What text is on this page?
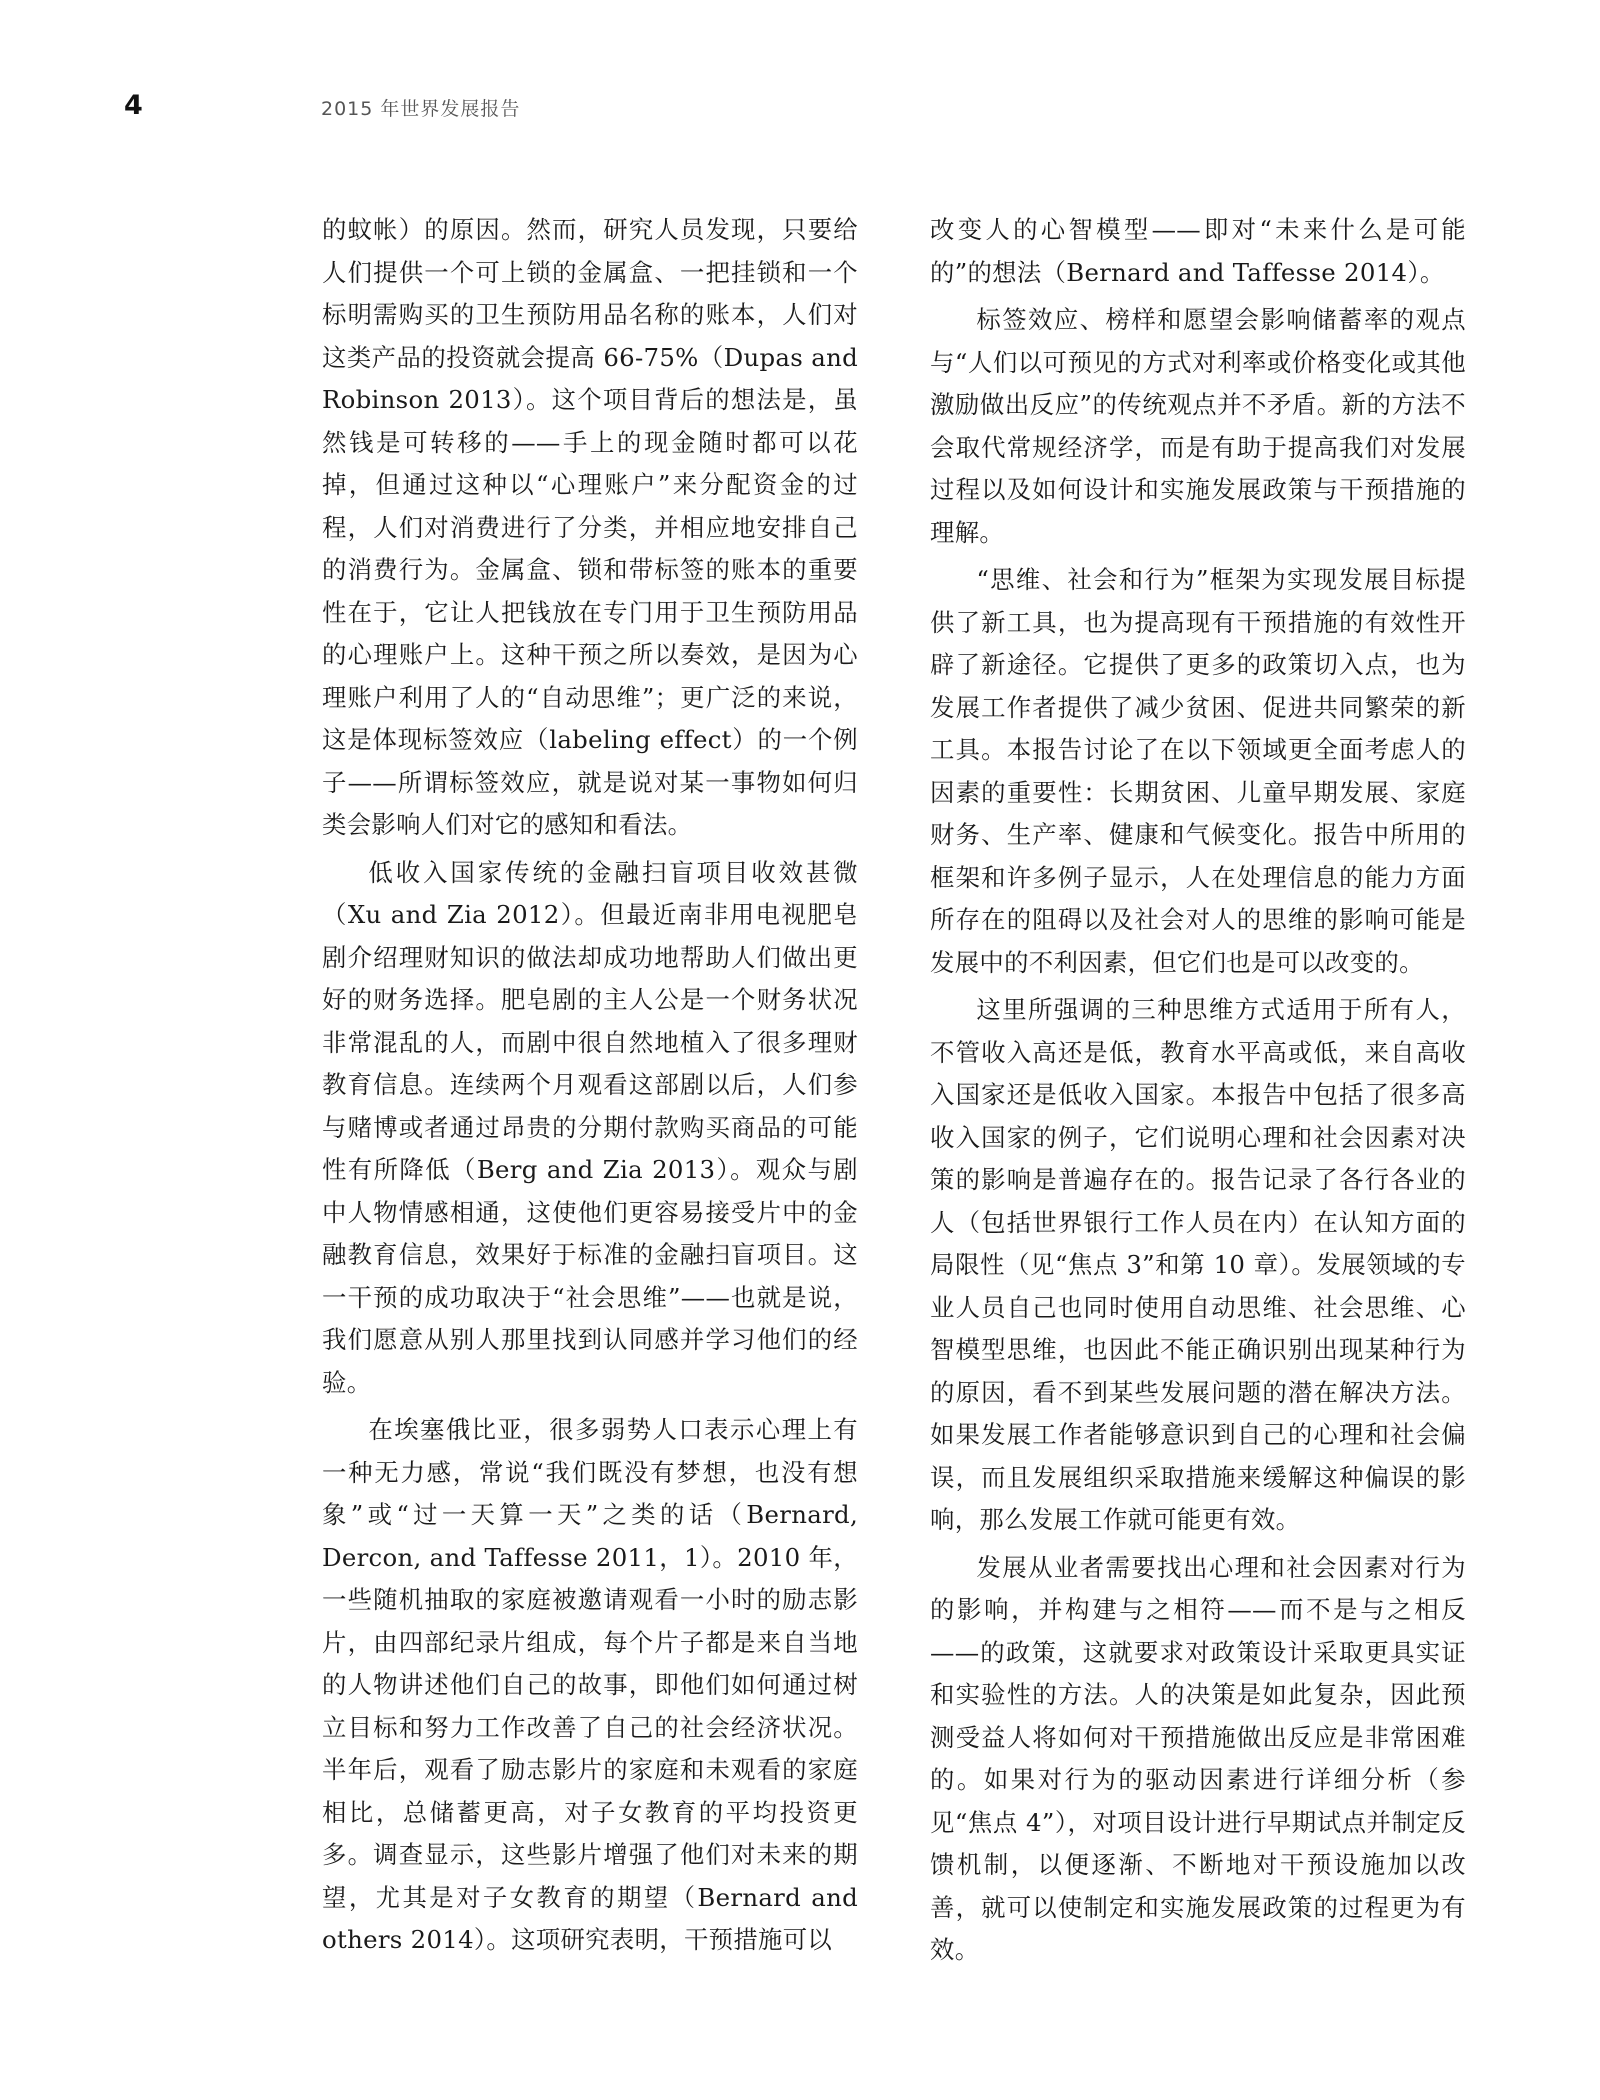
4	2015 年世界发展报告

的蚊帐）的原因。然而，研究人员发现，只要给人们提供一个可上锁的金属盒、一把挂锁和一个标明需购买的卫生预防用品名称的账本，人们对这类产品的投资就会提高 66-75%（Dupas and Robinson 2013）。这个项目背后的想法是，虽然钱是可转移的——手上的现金随时都可以花掉，但通过这种以“心理账户”来分配资金的过程，人们对消费进行了分类，并相应地安排自己的消费行为。金属盒、锁和带标签的账本的重要性在于，它让人把钱放在专门用于卫生预防用品的心理账户上。这种干预之所以奏效，是因为心理账户利用了人的“自动思维”；更广泛的来说，这是体现标签效应（labeling effect）的一个例子——所谓标签效应，就是说对某一事物如何归类会影响人们对它的感知和看法。

低收入国家传统的金融扫盲项目收效甚微（Xu and Zia 2012）。但最近南非用电视肥皂剧介绍理财知识的做法却成功地帮助人们做出更好的财务选择。肥皂剧的主人公是一个财务状况非常混乱的人，而剧中很自然地植入了很多理财教育信息。连续两个月观看这部剧以后，人们参与赌博或者通过昂贵的分期付款购买商品的可能性有所降低（Berg and Zia 2013）。观众与剧中人物情感相通，这使他们更容易接受片中的金融教育信息，效果好于标准的金融扫盲项目。这一干预的成功取决于“社会思维”——也就是说，我们愿意从别人那里找到认同感并学习他们的经验。

在埃塞俄比亚，很多弱势人口表示心理上有一种无力感，常说“我们既没有梦想，也没有想象”或“过一天算一天”之类的话（Bernard, Dercon, and Taffesse 2011，1）。2010 年，一些随机抽取的家庭被邀请观看一小时的励志影片，由四部纪录片组成，每个片子都是来自当地的人物讲述他们自己的故事，即他们如何通过树立目标和努力工作改善了自己的社会经济状况。半年后，观看了励志影片的家庭和未观看的家庭相比，总储蓄更高，对子女教育的平均投资更多。调查显示，这些影片增强了他们对未来的期望，尤其是对子女教育的期望（Bernard and others 2014）。这项研究表明，干预措施可以

改变人的心智模型——即对“未来什么是可能的”的想法（Bernard and Taffesse 2014）。

标签效应、榜样和愿望会影响储蓄率的观点与“人们以可预见的方式对利率或价格变化或其他激励做出反应”的传统观点并不矛盾。新的方法不会取代常规经济学，而是有助于提高我们对发展过程以及如何设计和实施发展政策与干预措施的理解。

“思维、社会和行为”框架为实现发展目标提供了新工具，也为提高现有干预措施的有效性开辟了新途径。它提供了更多的政策切入点，也为发展工作者提供了减少贫困、促进共同繁荣的新工具。本报告讨论了在以下领域更全面考虑人的因素的重要性：长期贫困、儿童早期发展、家庭财务、生产率、健康和气候变化。报告中所用的框架和许多例子显示，人在处理信息的能力方面所存在的阻碍以及社会对人的思维的影响可能是发展中的不利因素，但它们也是可以改变的。

这里所强调的三种思维方式适用于所有人，不管收入高还是低，教育水平高或低，来自高收入国家还是低收入国家。本报告中包括了很多高收入国家的例子，它们说明心理和社会因素对决策的影响是普遍存在的。报告记录了各行各业的人（包括世界银行工作人员在内）在认知方面的局限性（见“焦点 3”和第 10 章）。发展领域的专业人员自己也同时使用自动思维、社会思维、心智模型思维，也因此不能正确识别出现某种行为的原因，看不到某些发展问题的潜在解决方法。如果发展工作者能够意识到自己的心理和社会偏误，而且发展组织采取措施来缓解这种偏误的影响，那么发展工作就可能更有效。

发展从业者需要找出心理和社会因素对行为的影响，并构建与之相符——而不是与之相反——的政策，这就要求对政策设计采取更具实证和实验性的方法。人的决策是如此复杂，因此预测受益人将如何对干预措施做出反应是非常困难的。如果对行为的驱动因素进行详细分析（参见“焦点 4”），对项目设计进行早期试点并制定反馈机制，以便逐渐、不断地对干预设施加以改善，就可以使制定和实施发展政策的过程更为有效。
